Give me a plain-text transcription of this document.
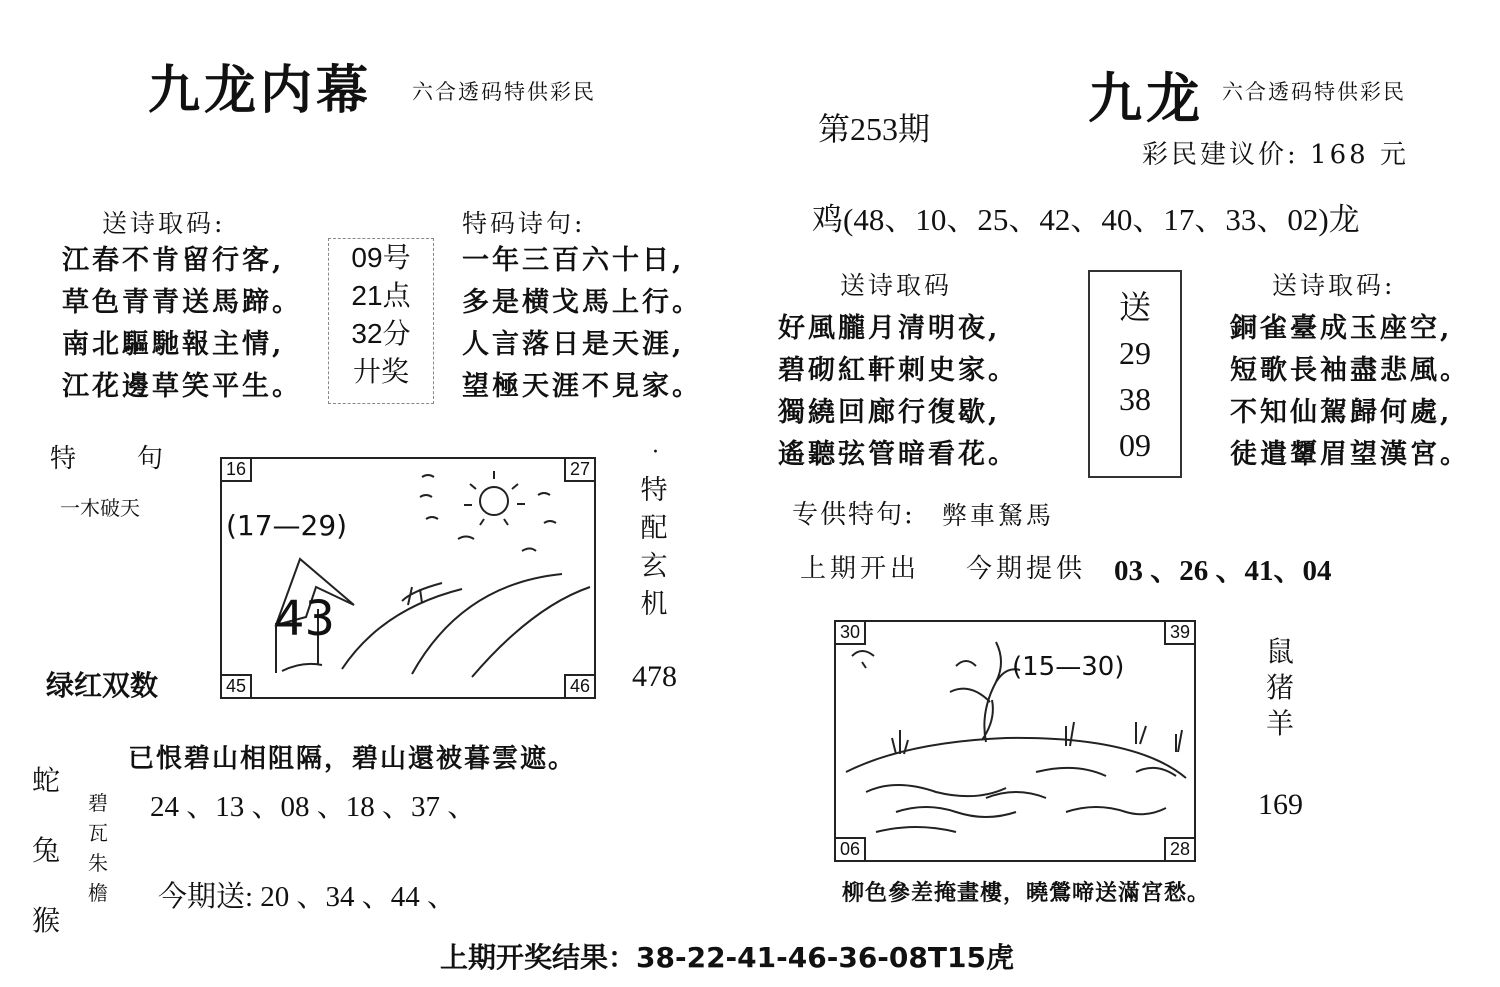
九龙内幕 六合透码特供彩民
送诗取码:
江春不肯留行客,
草色青青送馬蹄。
南北驅馳報主情,
江花邊草笑平生。
09号
21点
32分
廾奖
特码诗句:
一年三百六十日,
多是横戈馬上行。
人言落日是天涯,
望極天涯不見家。
特　　句
一木破天
绿红双数
(17—29)
43
16	27
45	46
·
特
配
玄
机
478
已恨碧山相阻隔，碧山還被暮雲遮。
蛇
兔
猴
碧
瓦
朱
檐
24 、13 、08 、18 、37 、
今期送: 20 、34 、44 、
第253期	九龙 六合透码特供彩民
彩民建议价: 168 元
鸡(48、10、25、42、40、17、33、02)龙
送诗取码
好風朧月清明夜,
碧砌紅軒刺史家。
獨繞回廊行復歇,
遙聽弦管暗看花。
送
29
38
09
送诗取码:
銅雀臺成玉座空,
短歌長袖盡悲風。
不知仙駕歸何處,
徒遣顰眉望漢宮。
专供特句: 弊車駑馬
上期开出 今期提供 03 、26 、41、04
(15—30)
30	39
06	28
鼠
猪
羊
169
柳色參差掩畫樓，曉鶯啼送滿宮愁。
上期开奖结果：38-22-41-46-36-08T15虎
